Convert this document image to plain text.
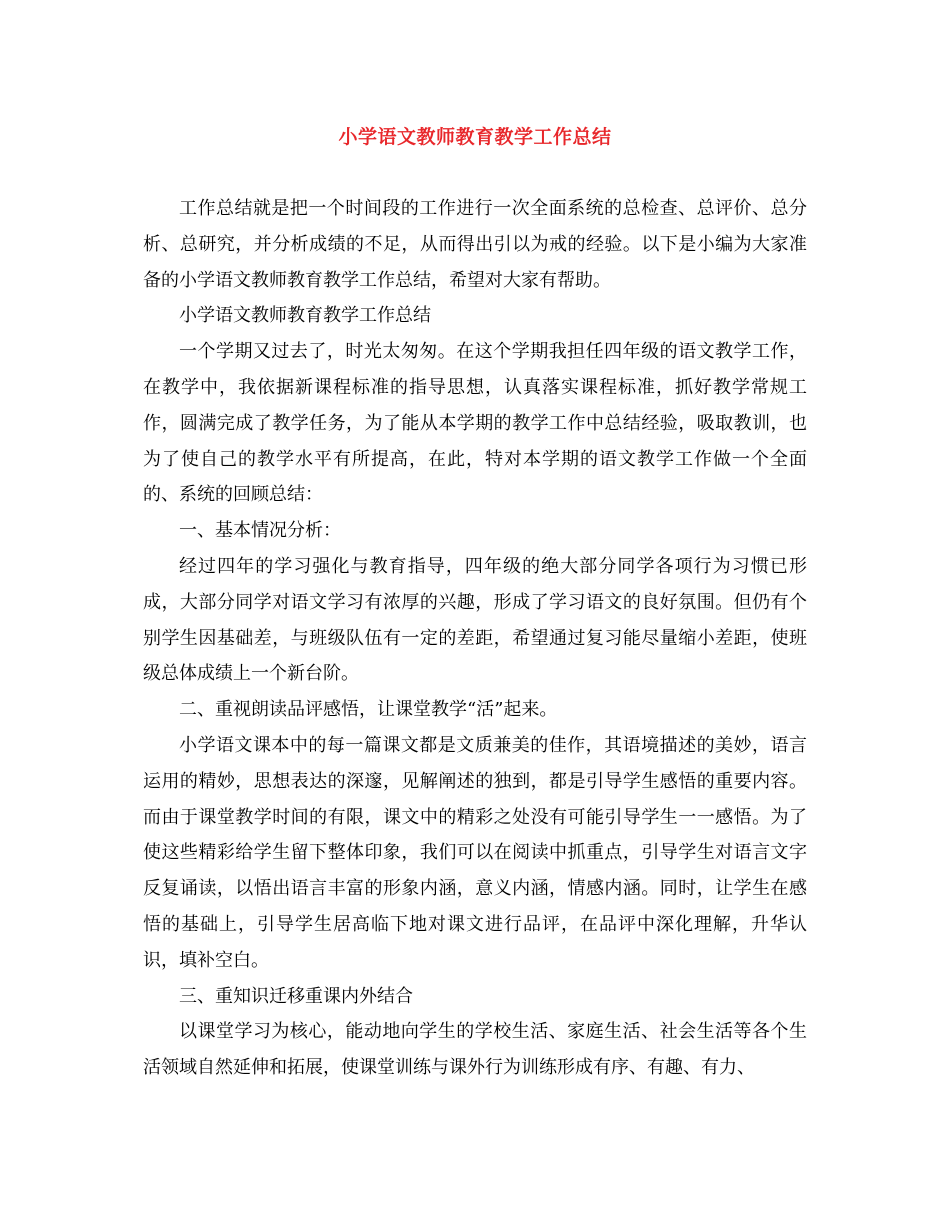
小学语文教师教育教学工作总结

工作总结就是把一个时间段的工作进行一次全面系统的总检查、总评价、总分析、总研究，并分析成绩的不足，从而得出引以为戒的经验。以下是小编为大家准备的小学语文教师教育教学工作总结，希望对大家有帮助。

小学语文教师教育教学工作总结

一个学期又过去了，时光太匆匆。在这个学期我担任四年级的语文教学工作，在教学中，我依据新课程标准的指导思想，认真落实课程标准，抓好教学常规工作，圆满完成了教学任务，为了能从本学期的教学工作中总结经验，吸取教训，也为了使自己的教学水平有所提高，在此，特对本学期的语文教学工作做一个全面的、系统的回顾总结：

一、基本情况分析：

经过四年的学习强化与教育指导，四年级的绝大部分同学各项行为习惯已形成，大部分同学对语文学习有浓厚的兴趣，形成了学习语文的良好氛围。但仍有个别学生因基础差，与班级队伍有一定的差距，希望通过复习能尽量缩小差距，使班级总体成绩上一个新台阶。

二、重视朗读品评感悟，让课堂教学“活”起来。

小学语文课本中的每一篇课文都是文质兼美的佳作，其语境描述的美妙，语言运用的精妙，思想表达的深邃，见解阐述的独到，都是引导学生感悟的重要内容。而由于课堂教学时间的有限，课文中的精彩之处没有可能引导学生一一感悟。为了使这些精彩给学生留下整体印象，我们可以在阅读中抓重点，引导学生对语言文字反复诵读，以悟出语言丰富的形象内涵，意义内涵，情感内涵。同时，让学生在感悟的基础上，引导学生居高临下地对课文进行品评，在品评中深化理解，升华认识，填补空白。

三、重知识迁移重课内外结合

以课堂学习为核心，能动地向学生的学校生活、家庭生活、社会生活等各个生活领域自然延伸和拓展，使课堂训练与课外行为训练形成有序、有趣、有力、
